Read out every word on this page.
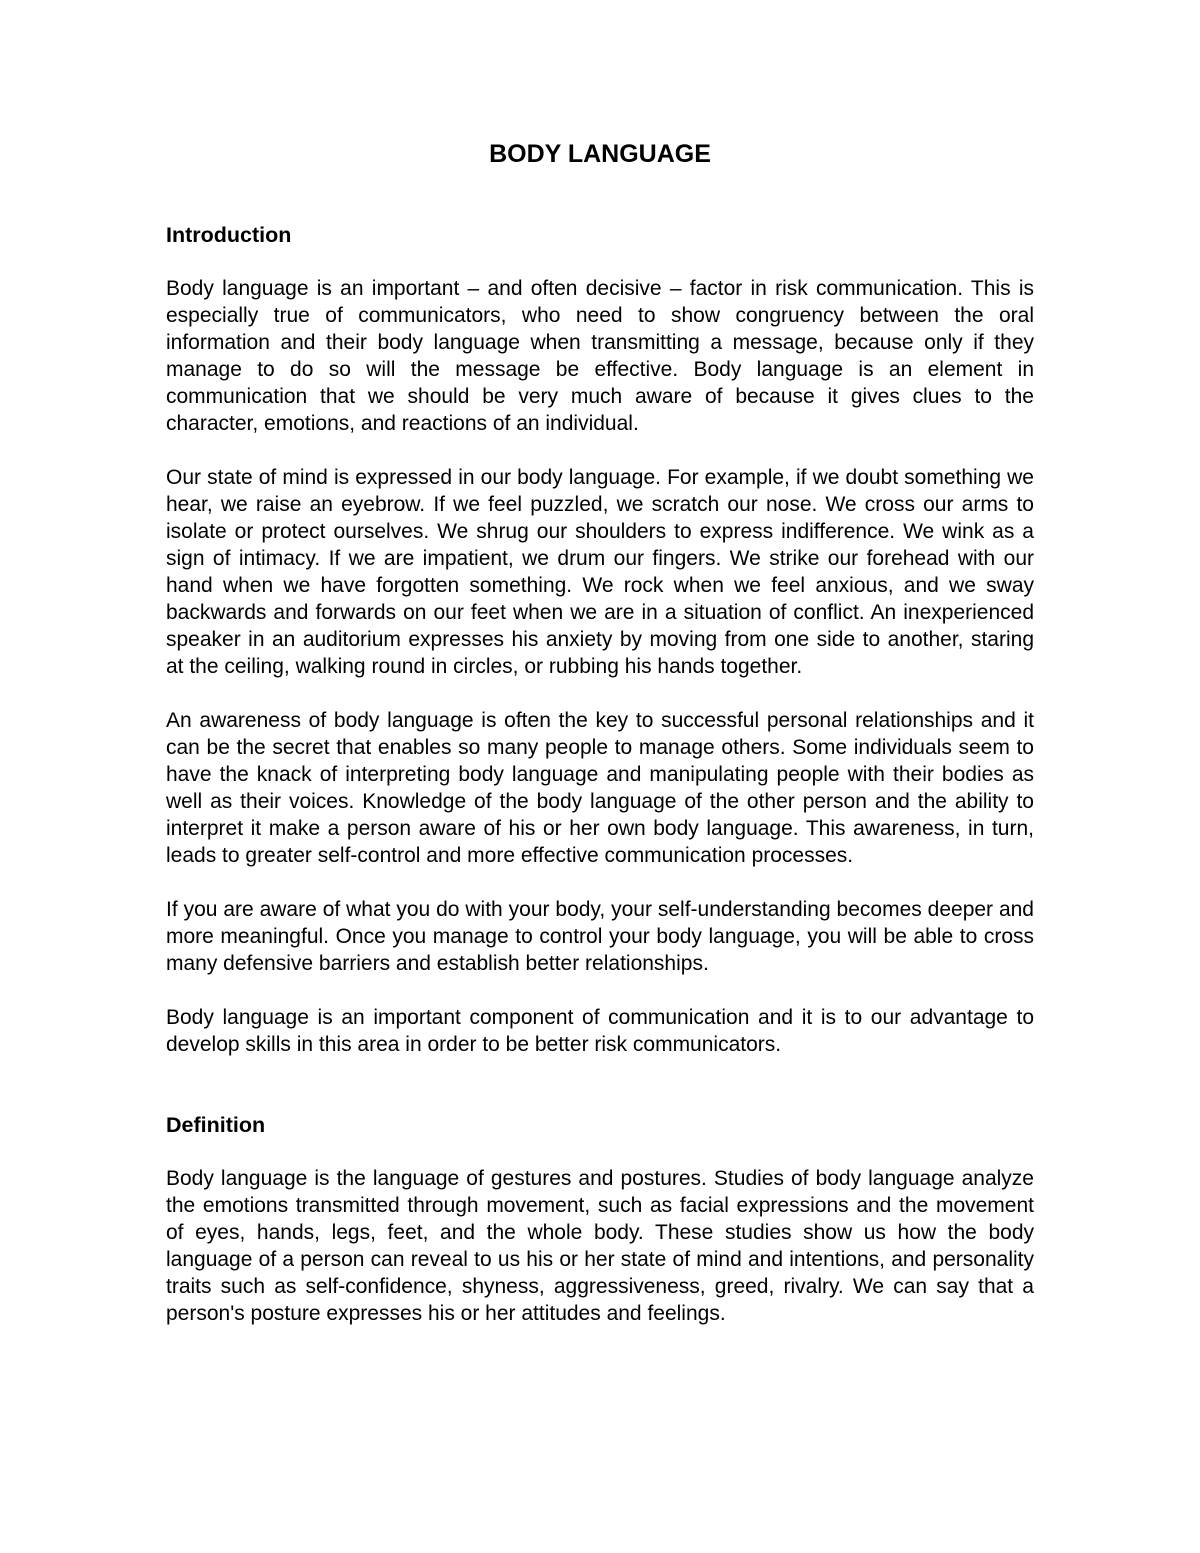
BODY LANGUAGE
Introduction

Body language is an important – and often decisive – factor in risk communication. This is especially true of communicators, who need to show congruency between the oral information and their body language when transmitting a message, because only if they manage to do so will the message be effective. Body language is an element in communication that we should be very much aware of because it gives clues to the character, emotions, and reactions of an individual.

Our state of mind is expressed in our body language. For example, if we doubt something we hear, we raise an eyebrow. If we feel puzzled, we scratch our nose. We cross our arms to isolate or protect ourselves. We shrug our shoulders to express indifference. We wink as a sign of intimacy. If we are impatient, we drum our fingers. We strike our forehead with our hand when we have forgotten something. We rock when we feel anxious, and we sway backwards and forwards on our feet when we are in a situation of conflict. An inexperienced speaker in an auditorium expresses his anxiety by moving from one side to another, staring at the ceiling, walking round in circles, or rubbing his hands together.

An awareness of body language is often the key to successful personal relationships and it can be the secret that enables so many people to manage others. Some individuals seem to have the knack of interpreting body language and manipulating people with their bodies as well as their voices. Knowledge of the body language of the other person and the ability to interpret it make a person aware of his or her own body language. This awareness, in turn, leads to greater self-control and more effective communication processes.

If you are aware of what you do with your body, your self-understanding becomes deeper and more meaningful. Once you manage to control your body language, you will be able to cross many defensive barriers and establish better relationships.

Body language is an important component of communication and it is to our advantage to develop skills in this area in order to be better risk communicators.

Definition

Body language is the language of gestures and postures. Studies of body language analyze the emotions transmitted through movement, such as facial expressions and the movement of eyes, hands, legs, feet, and the whole body. These studies show us how the body language of a person can reveal to us his or her state of mind and intentions, and personality traits such as self-confidence, shyness, aggressiveness, greed, rivalry. We can say that a person's posture expresses his or her attitudes and feelings.
